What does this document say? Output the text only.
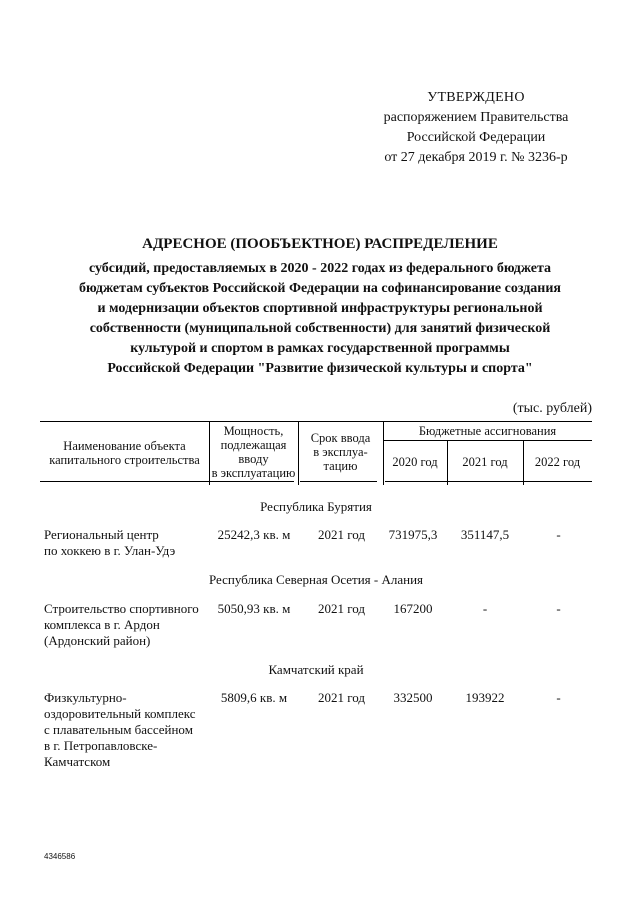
УТВЕРЖДЕНО
распоряжением Правительства
Российской Федерации
от 27 декабря 2019 г. № 3236-р
АДРЕСНОЕ (ПООБЪЕКТНОЕ) РАСПРЕДЕЛЕНИЕ
субсидий, предоставляемых в 2020 - 2022 годах из федерального бюджета
бюджетам субъектов Российской Федерации на софинансирование создания
и модернизации объектов спортивной инфраструктуры региональной
собственности (муниципальной собственности) для занятий физической
культурой и спортом в рамках государственной программы
Российской Федерации "Развитие физической культуры и спорта"
(тыс. рублей)
Наименование объекта
капитального строительства
Мощность,
подлежащая
вводу
в эксплуатацию
Срок ввода
в эксплуа-
тацию
Бюджетные ассигнования
2020 год	2021 год	2022 год
Республика Бурятия
Региональный центр
по хоккею в г. Улан-Удэ
25242,3 кв. м	2021 год	731975,3	351147,5	-
Республика Северная Осетия - Алания
Строительство спортивного
комплекса в г. Ардон
(Ардонский район)
5050,93 кв. м	2021 год	167200	-	-
Камчатский край
Физкультурно-
оздоровительный комплекс
с плавательным бассейном
в г. Петропавловске-
Камчатском
5809,6 кв. м	2021 год	332500	193922	-
4346586
